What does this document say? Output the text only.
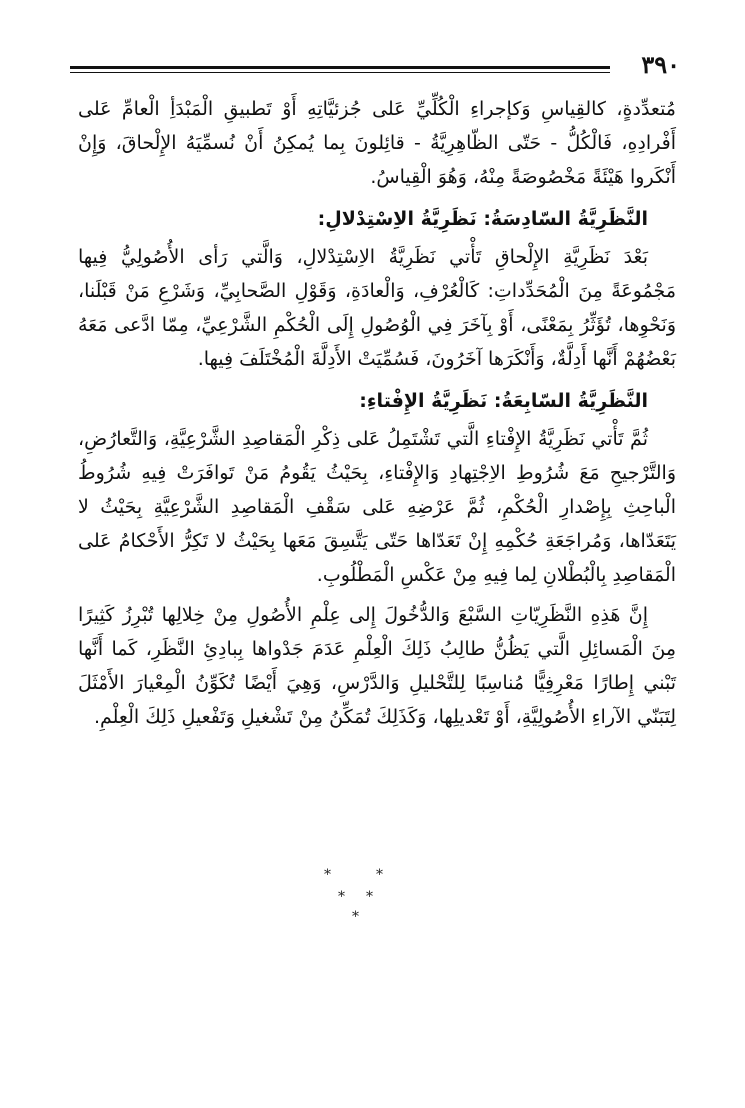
٣٩٠

مُتعدِّدةٍ، كالقِياسِ وَكإجراءِ الْكُلِّيِّ عَلى جُزئيَّاتِهِ أَوْ تَطبيقِ الْمَبْدَأِ الْعامِّ عَلى أَفْرادِهِ، فَالْكُلُّ - حَتّى الظّاهِرِيَّةُ - قائِلونَ بِما يُمكِنُ أَنْ نُسمِّيَهُ الإِلْحاقَ، وَإِنْ أَنْكَروا هَيْئَةً مَخْصُوصَةً مِنْهُ، وَهُوَ الْقِياسُ.

النَّظَرِيَّةُ السّادِسَةُ: نَظَرِيَّةُ الاِسْتِدْلالِ:

بَعْدَ نَظَرِيَّةِ الإِلْحاقِ تَأْتي نَظَرِيَّةُ الاِسْتِدْلالِ، وَالَّتي رَأى الأُصُولِيُّ فِيها مَجْمُوعَةً مِنَ الْمُحَدِّداتِ: كَالْعُرْفِ، وَالْعادَةِ، وَقَوْلِ الصَّحابِيِّ، وَشَرْعِ مَنْ قَبْلَنا، وَنَحْوِها، تُؤَثِّرُ بِمَعْنًى، أَوْ بِآخَرَ فِي الْوُصُولِ إِلَى الْحُكْمِ الشَّرْعِيِّ، مِمّا ادَّعى مَعَهُ بَعْضُهُمْ أَنَّها أَدِلَّةٌ، وَأَنْكَرَها آخَرُونَ، فَسُمِّيَتْ الأَدِلَّةَ الْمُخْتَلَفَ فِيها.

النَّظَرِيَّةُ السّابِعَةُ: نَظَرِيَّةُ الإِفْتاءِ:

ثُمَّ تَأْتي نَظَرِيَّةُ الإِفْتاءِ الَّتي تَشْتَمِلُ عَلى ذِكْرِ الْمَقاصِدِ الشَّرْعِيَّةِ، وَالتَّعارُضِ، وَالتَّرْجيحِ مَعَ شُرُوطِ الاِجْتِهادِ وَالإِفْتاءِ، بِحَيْثُ يَقُومُ مَنْ تَوافَرَتْ فِيهِ شُرُوطُ الْباحِثِ بِإِصْدارِ الْحُكْمِ، ثُمَّ عَرْضِهِ عَلى سَقْفِ الْمَقاصِدِ الشَّرْعِيَّةِ بِحَيْثُ لا يَتَعَدّاها، وَمُراجَعَةِ حُكْمِهِ إِنْ تَعَدّاها حَتّى يَتَّسِقَ مَعَها بِحَيْثُ لا تَكِرُّ الأَحْكامُ عَلى الْمَقاصِدِ بِالْبُطْلانِ لِما فِيهِ مِنْ عَكْسِ الْمَطْلُوبِ.

إِنَّ هَذِهِ النَّظَرِيّاتِ السَّبْعَ وَالدُّخُولَ إِلى عِلْمِ الأُصُولِ مِنْ خِلالِها تُبْرِزُ كَثِيرًا مِنَ الْمَسائِلِ الَّتي يَظُنُّ طالِبُ ذَلِكَ الْعِلْمِ عَدَمَ جَدْواها بِبادِئِ النَّظَرِ، كَما أَنَّها تَبْني إِطارًا مَعْرِفِيًّا مُناسِبًا لِلتَّحْليلِ وَالدَّرْسِ، وَهِيَ أَيْضًا تُكَوِّنُ الْمِعْيارَ الأَمْثَلَ لِتَبَنّي الآراءِ الأُصُولِيَّةِ، أَوْ تَعْديلِها، وَكَذَلِكَ تُمَكِّنُ مِنْ تَشْغيلِ وَتَفْعيلِ ذَلِكَ الْعِلْمِ.

*	*
* *
*
